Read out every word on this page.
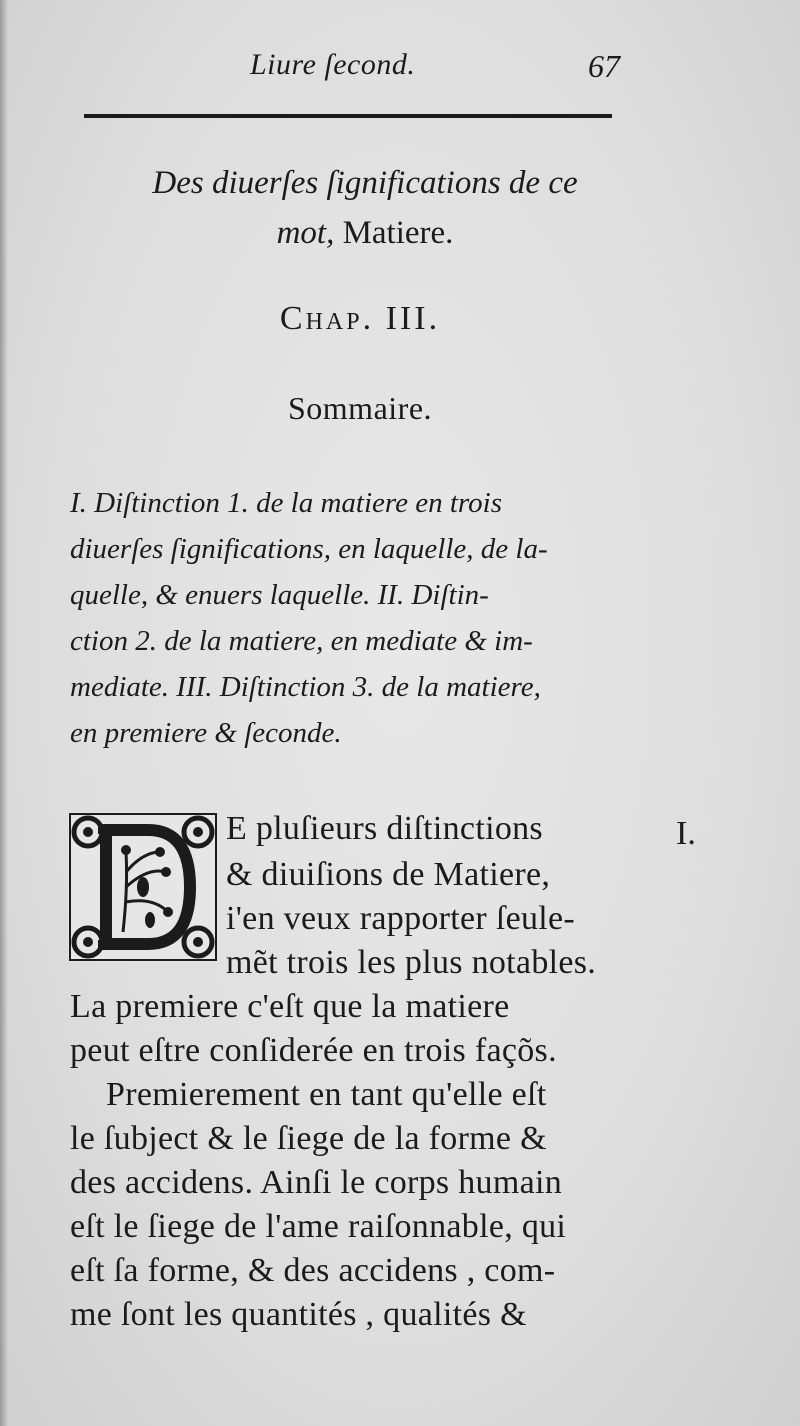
Liure ſecond.	67
Des diuerſes ſignifications de ce
mot, Matiere.
Chap. III.
Sommaire.
I. Diſtinction 1. de la matiere en trois
diuerſes ſignifications, en laquelle, de la-
quelle, & enuers laquelle. II. Diſtin-
ction 2. de la matiere, en mediate & im-
mediate. III. Diſtinction 3. de la matiere,
en premiere & ſeconde.
I.
E pluſieurs diſtinctions
& diuiſions de Matiere,
i'en veux rapporter ſeule-
mẽt trois les plus notables.
La premiere c'eſt que la matiere
peut eſtre conſiderée en trois façõs.
Premierement en tant qu'elle eſt
le ſubject & le ſiege de la forme &
des accidens. Ainſi le corps humain
eſt le ſiege de l'ame raiſonnable, qui
eſt ſa forme, & des accidens , com-
me ſont les quantités , qualités &
